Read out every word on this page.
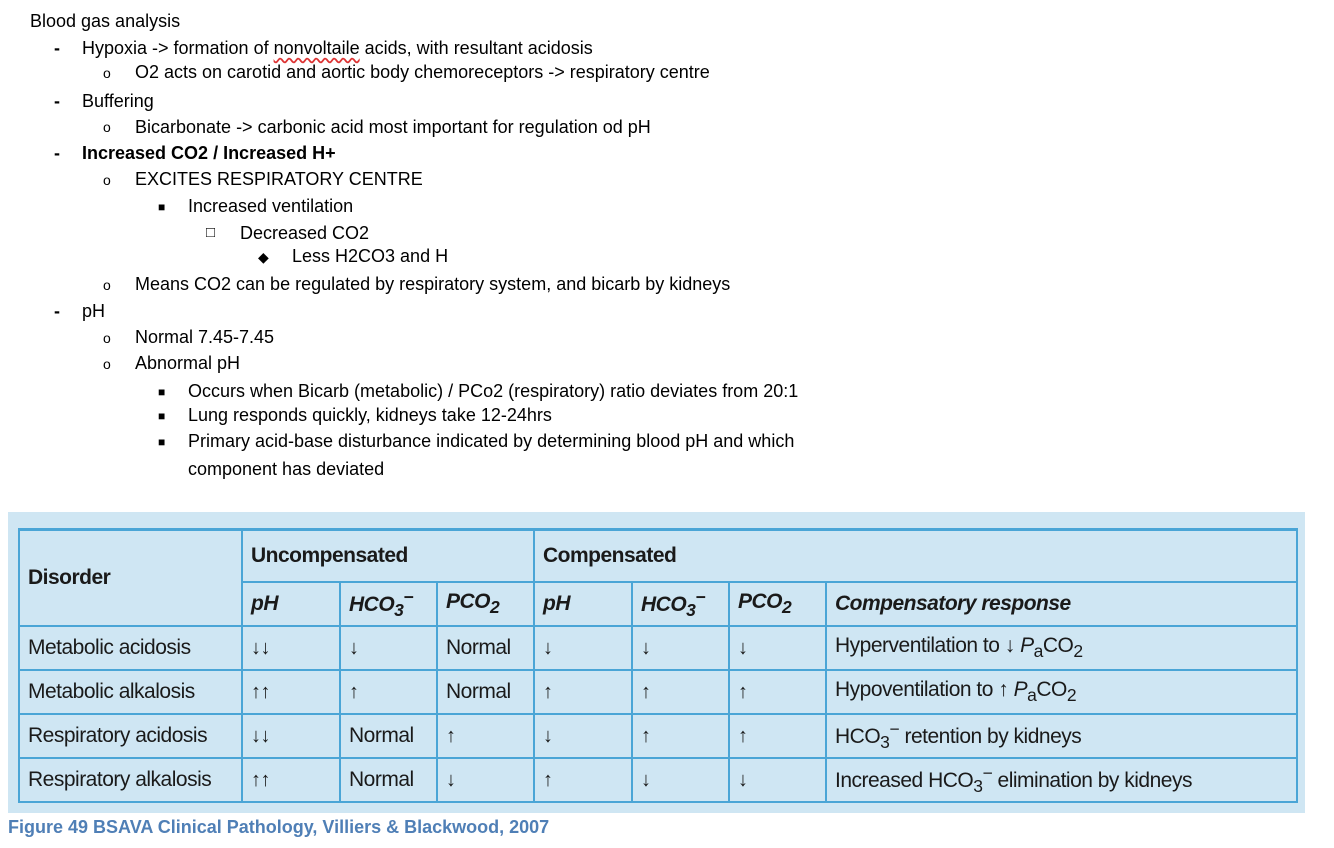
Blood gas analysis
- Hypoxia -> formation of nonvoltaile acids, with resultant acidosis
o O2 acts on carotid and aortic body chemoreceptors -> respiratory centre
- Buffering
o Bicarbonate -> carbonic acid most important for regulation od pH
- Increased CO2 / Increased H+
o EXCITES RESPIRATORY CENTRE
■ Increased ventilation
□ Decreased CO2
◆ Less H2CO3 and H
o Means CO2 can be regulated by respiratory system, and bicarb by kidneys
- pH
o Normal 7.45-7.45
o Abnormal pH
■ Occurs when Bicarb (metabolic) / PCo2 (respiratory) ratio deviates from 20:1
■ Lung responds quickly, kidneys take 12-24hrs
■ Primary acid-base disturbance indicated by determining blood pH and which
component has deviated
Disorder	Uncompensated			Compensated			
	pH	$HCO_3^-$	$PCO_2$	pH	$HCO_3^-$	$PCO_2$	Compensatory response
Metabolic acidosis	↓↓	↓	Normal	↓	↓	↓	Hyperventilation to ↓ $P_aCO_2$
Metabolic alkalosis	↑↑	↑	Normal	↑	↑	↑	Hypoventilation to ↑ $P_aCO_2$
Respiratory acidosis	↓↓	Normal	↑	↓	↑	↑	$HCO_3^-$ retention by kidneys
Respiratory alkalosis	↑↑	Normal	↓	↑	↓	↓	Increased $HCO_3^-$ elimination by kidneys
Figure 49 BSAVA Clinical Pathology, Villiers & Blackwood, 2007
